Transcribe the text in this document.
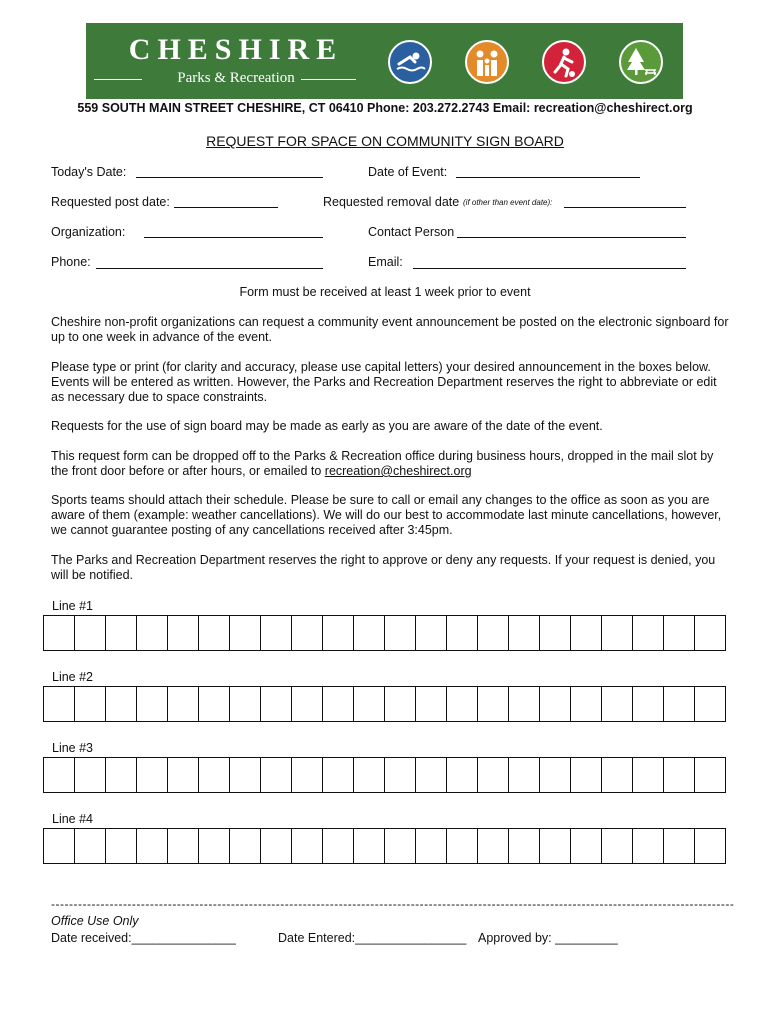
CHESHIRE
Parks & Recreation
559 SOUTH MAIN STREET CHESHIRE, CT 06410 Phone: 203.272.2743 Email: recreation@cheshirect.org
REQUEST FOR SPACE ON COMMUNITY SIGN BOARD
Today's Date:	Date of Event:
Requested post date:	Requested removal date (if other than event date):
Organization:	Contact Person
Phone:	Email:
Form must be received at least 1 week prior to event
Cheshire non-profit organizations can request a community event announcement be posted on the electronic signboard for up to one week in advance of the event.
Please type or print (for clarity and accuracy, please use capital letters) your desired announcement in the boxes below. Events will be entered as written. However, the Parks and Recreation Department reserves the right to abbreviate or edit as necessary due to space constraints.
Requests for the use of sign board may be made as early as you are aware of the date of the event.
This request form can be dropped off to the Parks & Recreation office during business hours, dropped in the mail slot by the front door before or after hours, or emailed to recreation@cheshirect.org
Sports teams should attach their schedule. Please be sure to call or email any changes to the office as soon as you are aware of them (example: weather cancellations). We will do our best to accommodate last minute cancellations, however, we cannot guarantee posting of any cancellations received after 3:45pm.
The Parks and Recreation Department reserves the right to approve or deny any requests. If your request is denied, you will be notified.
Line #1
Line #2
Line #3
Line #4
--------------------------------------------------------------------------------------------------------------------------------------------------------
Office Use Only
Date received:_______________	Date Entered:________________ Approved by: _________
